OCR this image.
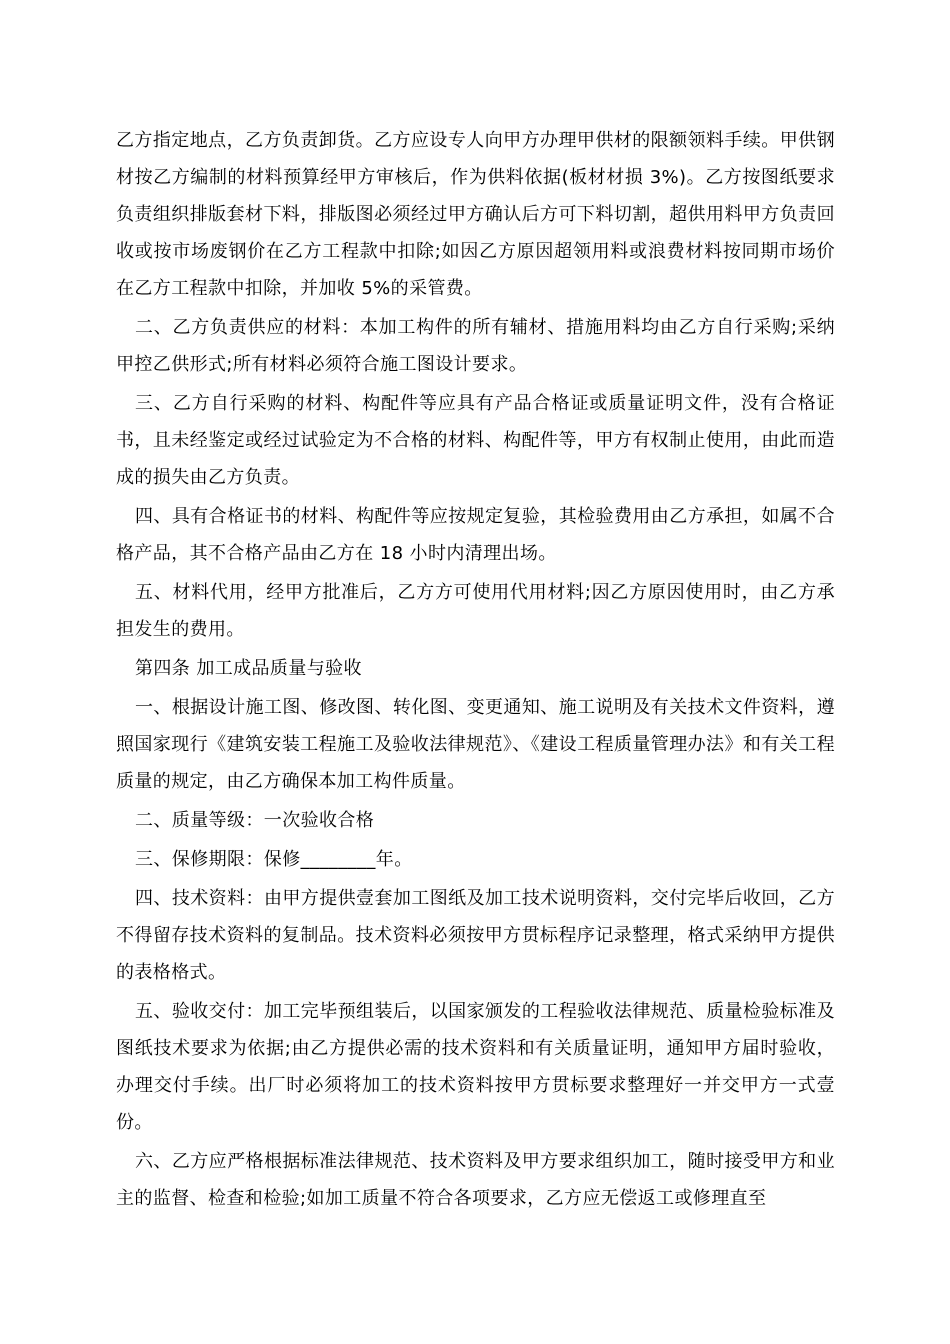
乙方指定地点，乙方负责卸货。乙方应设专人向甲方办理甲供材的限额领料手续。甲供钢材按乙方编制的材料预算经甲方审核后，作为供料依据(板材材损 3%)。乙方按图纸要求负责组织排版套材下料，排版图必须经过甲方确认后方可下料切割，超供用料甲方负责回收或按市场废钢价在乙方工程款中扣除;如因乙方原因超领用料或浪费材料按同期市场价在乙方工程款中扣除，并加收 5%的采管费。

二、乙方负责供应的材料：本加工构件的所有辅材、措施用料均由乙方自行采购;采纳甲控乙供形式;所有材料必须符合施工图设计要求。

三、乙方自行采购的材料、构配件等应具有产品合格证或质量证明文件，没有合格证书，且未经鉴定或经过试验定为不合格的材料、构配件等，甲方有权制止使用，由此而造成的损失由乙方负责。

四、具有合格证书的材料、构配件等应按规定复验，其检验费用由乙方承担，如属不合格产品，其不合格产品由乙方在 18 小时内清理出场。

五、材料代用，经甲方批准后，乙方方可使用代用材料;因乙方原因使用时，由乙方承担发生的费用。

第四条 加工成品质量与验收

一、根据设计施工图、修改图、转化图、变更通知、施工说明及有关技术文件资料，遵照国家现行《建筑安装工程施工及验收法律规范》、《建设工程质量管理办法》和有关工程质量的规定，由乙方确保本加工构件质量。

二、质量等级：一次验收合格

三、保修期限：保修________年。

四、技术资料：由甲方提供壹套加工图纸及加工技术说明资料，交付完毕后收回，乙方不得留存技术资料的复制品。技术资料必须按甲方贯标程序记录整理，格式采纳甲方提供的表格格式。

五、验收交付：加工完毕预组装后，以国家颁发的工程验收法律规范、质量检验标准及图纸技术要求为依据;由乙方提供必需的技术资料和有关质量证明，通知甲方届时验收，办理交付手续。出厂时必须将加工的技术资料按甲方贯标要求整理好一并交甲方一式壹份。

六、乙方应严格根据标准法律规范、技术资料及甲方要求组织加工，随时接受甲方和业主的监督、检查和检验;如加工质量不符合各项要求，乙方应无偿返工或修理直至
